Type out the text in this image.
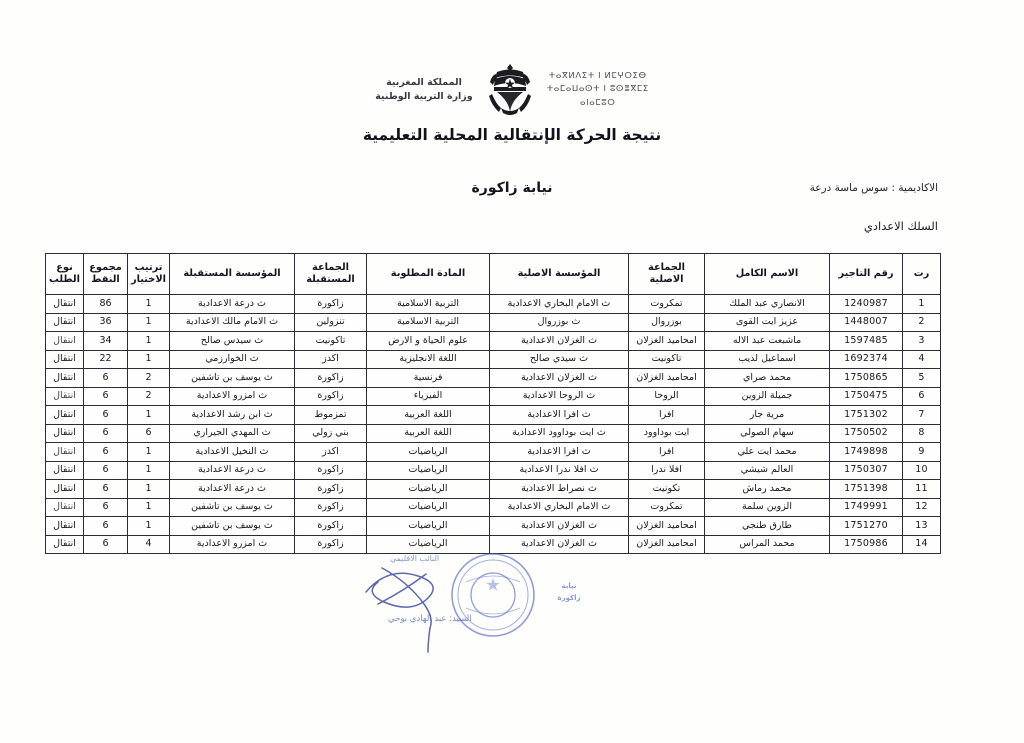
ⵜⴰⴳⵍⴷⵉⵜ ⵏ ⵍⵎⵖⵔⵉⴱ
ⵜⴰⵎⴰⵡⴰⵙⵜ ⵏ ⵓⵙⴻⴳⵎⵉ
ⴰⵏⴰⵎⵓⵔ
المملكة المغربية
وزارة التربية الوطنية
نتيجة الحركة الإنتقالية المحلية التعليمية
الاكاديمية : سوس ماسة درعة
السلك الاعدادي
نيابة زاكورة
رت	رقم التاجير	الاسم الكامل	الجماعة الاصلية	المؤسسة الاصلية	المادة المطلوبة	الجماعة المستقبلة	المؤسسة المستقبلة	ترتيب الاختيار	مجموع النقط	نوع الطلب
1	1240987	الانصاري عبد الملك	تمكروت	ث الامام البخاري الاعدادية	التربية الاسلامية	زاكورة	ث درعة الاعدادية	1	86	انتقال
2	1448007	عزيز ايت القوى	بوزروال	ث بوزروال	التربية الاسلامية	تنزولين	ث الامام مالك الاعدادية	1	36	انتقال
3	1597485	ماشبعت عبد الاله	امحاميد الغزلان	ث الغزلان الاعدادية	علوم الحياة و الارض	تاكونيت	ث سيدس صالح	1	34	انتقال
4	1692374	اسماعيل لذيب	تاكونيت	ث سيدي صالح	اللغة الانجليزية	اكدز	ث الخوارزمي	1	22	انتقال
5	1750865	محمد صراي	امحاميد الغزلان	ث الغزلان الاعدادية	فرنسية	زاكورة	ث يوسف بن تاشفين	2	6	انتقال
6	1750475	جميلة الزوين	الروحا	ث الروحا الاعدادية	الفيزياء	زاكورة	ث امزرو الاعدادية	2	6	انتقال
7	1751302	مرية جار	افرا	ث افرا الاعدادية	اللغة العربية	تمزموط	ث ابن رشد الاعدادية	1	6	انتقال
8	1750502	سهام الصولي	ايت بوداوود	ث ايت بوداوود الاعدادية	اللغة العربية	بني زولي	ث المهدي الجيراري	6	6	انتقال
9	1749898	محمد ايت علي	افرا	ث افرا الاعدادية	الرياضيات	اكدز	ث النخيل الاعدادية	1	6	انتقال
10	1750307	العالم شيشي	افلا ندرا	ث افلا ندرا الاعدادية	الرياضيات	زاكورة	ث درعة الاعدادية	1	6	انتقال
11	1751398	محمد رماش	تكونيت	ث نصراط الاعدادية	الرياضيات	زاكورة	ث درعة الاعدادية	1	6	انتقال
12	1749991	الزوين سلمة	تمكروت	ث الامام البخاري الاعدادية	الرياضيات	زاكورة	ث يوسف بن تاشفين	1	6	انتقال
13	1751270	طارق طنجي	امحاميد الغزلان	ث الغزلان الاعدادية	الرياضيات	زاكورة	ث يوسف بن تاشفين	1	6	انتقال
14	1750986	محمد المراس	امحاميد الغزلان	ث الغزلان الاعدادية	الرياضيات	زاكورة	ث امزرو الاعدادية	4	6	انتقال
نيابة
زاكورة
النائب الاقليمي
السيد: عبد الهادي بوحي
